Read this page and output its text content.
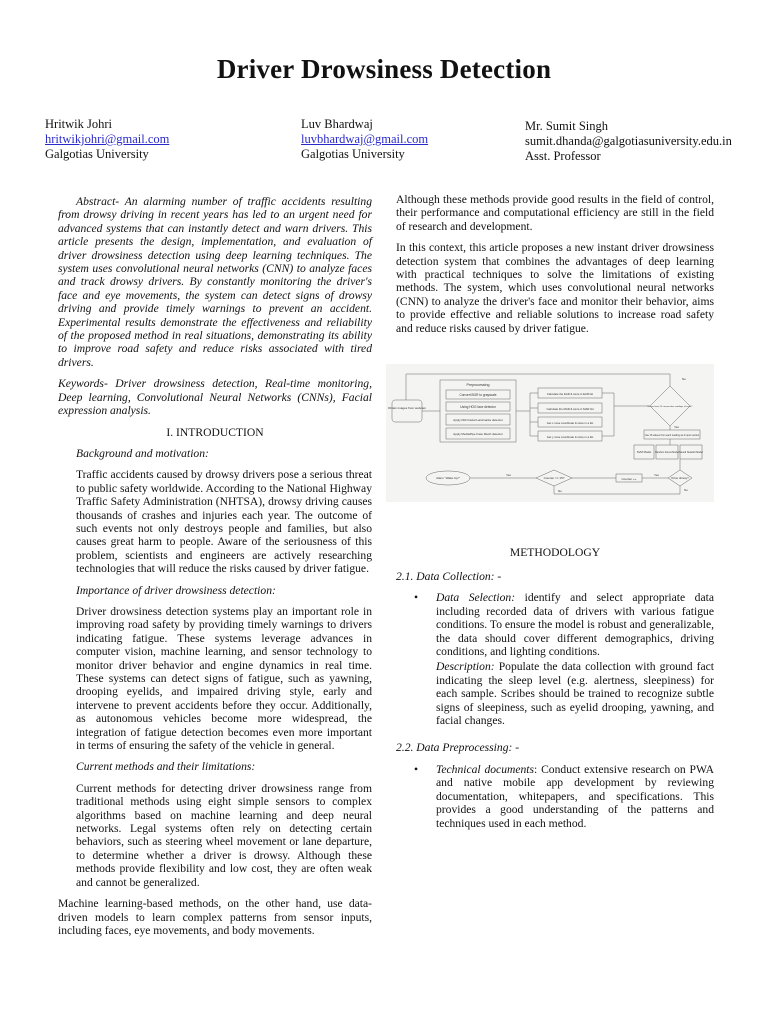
Driver Drowsiness Detection
Hritwik Johri
hritwikjohri@gmail.com
Galgotias University
Luv Bhardwaj
luvbhardwaj@gmail.com
Galgotias University
Mr. Sumit Singh
sumit.dhanda@galgotiasuniversity.edu.in
Asst. Professor

Abstract- An alarming number of traffic accidents resulting from drowsy driving in recent years has led to an urgent need for advanced systems that can instantly detect and warn drivers. This article presents the design, implementation, and evaluation of driver drowsiness detection using deep learning techniques. The system uses convolutional neural networks (CNN) to analyze faces and track drowsy drivers. By constantly monitoring the driver's face and eye movements, the system can detect signs of drowsy driving and provide timely warnings to prevent an accident. Experimental results demonstrate the effectiveness and reliability of the proposed method in real situations, demonstrating its ability to improve road safety and reduce risks associated with tired drivers.

Keywords- Driver drowsiness detection, Real-time monitoring, Deep learning, Convolutional Neural Networks (CNNs), Facial expression analysis.

I. INTRODUCTION

Background and motivation:

Traffic accidents caused by drowsy drivers pose a serious threat to public safety worldwide. According to the National Highway Traffic Safety Administration (NHTSA), drowsy driving causes thousands of crashes and injuries each year. The outcome of such events not only destroys people and families, but also causes great harm to people. Aware of the seriousness of this problem, scientists and engineers are actively researching technologies that will reduce the risks caused by driver fatigue.

Importance of driver drowsiness detection:

Driver drowsiness detection systems play an important role in improving road safety by providing timely warnings to drivers indicating fatigue. These systems leverage advances in computer vision, machine learning, and sensor technology to monitor driver behavior and engine dynamics in real time. These systems can detect signs of fatigue, such as yawning, drooping eyelids, and impaired driving style, early and intervene to prevent accidents before they occur. Additionally, as autonomous vehicles become more widespread, the integration of fatigue detection becomes even more important in terms of ensuring the safety of the vehicle in general.

Current methods and their limitations:

Current methods for detecting driver drowsiness range from traditional methods using eight simple sensors to complex algorithms based on machine learning and deep neural networks. Legal systems often rely on detecting certain behaviors, such as steering wheel movement or lane departure, to determine whether a driver is drowsy. Although these methods provide flexibility and low cost, they are often weak and cannot be generalized.

Machine learning-based methods, on the other hand, use data-driven models to learn complex patterns from sensor inputs, including faces, eye movements, and body movements.

Although these methods provide good results in the field of control, their performance and computational efficiency are still in the field of research and development.

In this context, this article proposes a new instant driver drowsiness detection system that combines the advantages of deep learning with practical techniques to solve the limitations of existing methods. The system, which uses convolutional neural networks (CNN) to analyze the driver's face and monitor their behavior, aims to provide effective and reliable solutions to increase road safety and reduce risks caused by driver fatigue.

Obtain images from webcam
Preprocessing
Convert BGR to grayscale
Using HOG face detector
Apply Dlib Facial Landmarks detector
Apply MediaPipe Face Mesh detector
Calculate the EAR & store in EAR list
Calculate the MAR & store in MAR list
Get x nose coordinate & store in a list
Get y nose coordinate & store in a list
Do we have 15 consecutive readings of each?
Use 15 values from each reading as 4 input vectors
SVM Model Random Forest Model Neural Network Model
Driver drowsy?
Counter ++
Counter == 15?
Alarm "Wake Up!"
No
Yes
Yes
No
Yes
No
METHODOLOGY

2.1. Data Collection: -

• Data Selection: identify and select appropriate data including recorded data of drivers with various fatigue conditions. To ensure the model is robust and generalizable, the data should cover different demographics, driving conditions, and lighting conditions.
Description: Populate the data collection with ground fact indicating the sleep level (e.g. alertness, sleepiness) for each sample. Scribes should be trained to recognize subtle signs of sleepiness, such as eyelid drooping, yawning, and facial changes.

2.2. Data Preprocessing: -

• Technical documents: Conduct extensive research on PWA and native mobile app development by reviewing documentation, whitepapers, and specifications. This provides a good understanding of the patterns and techniques used in each method.
